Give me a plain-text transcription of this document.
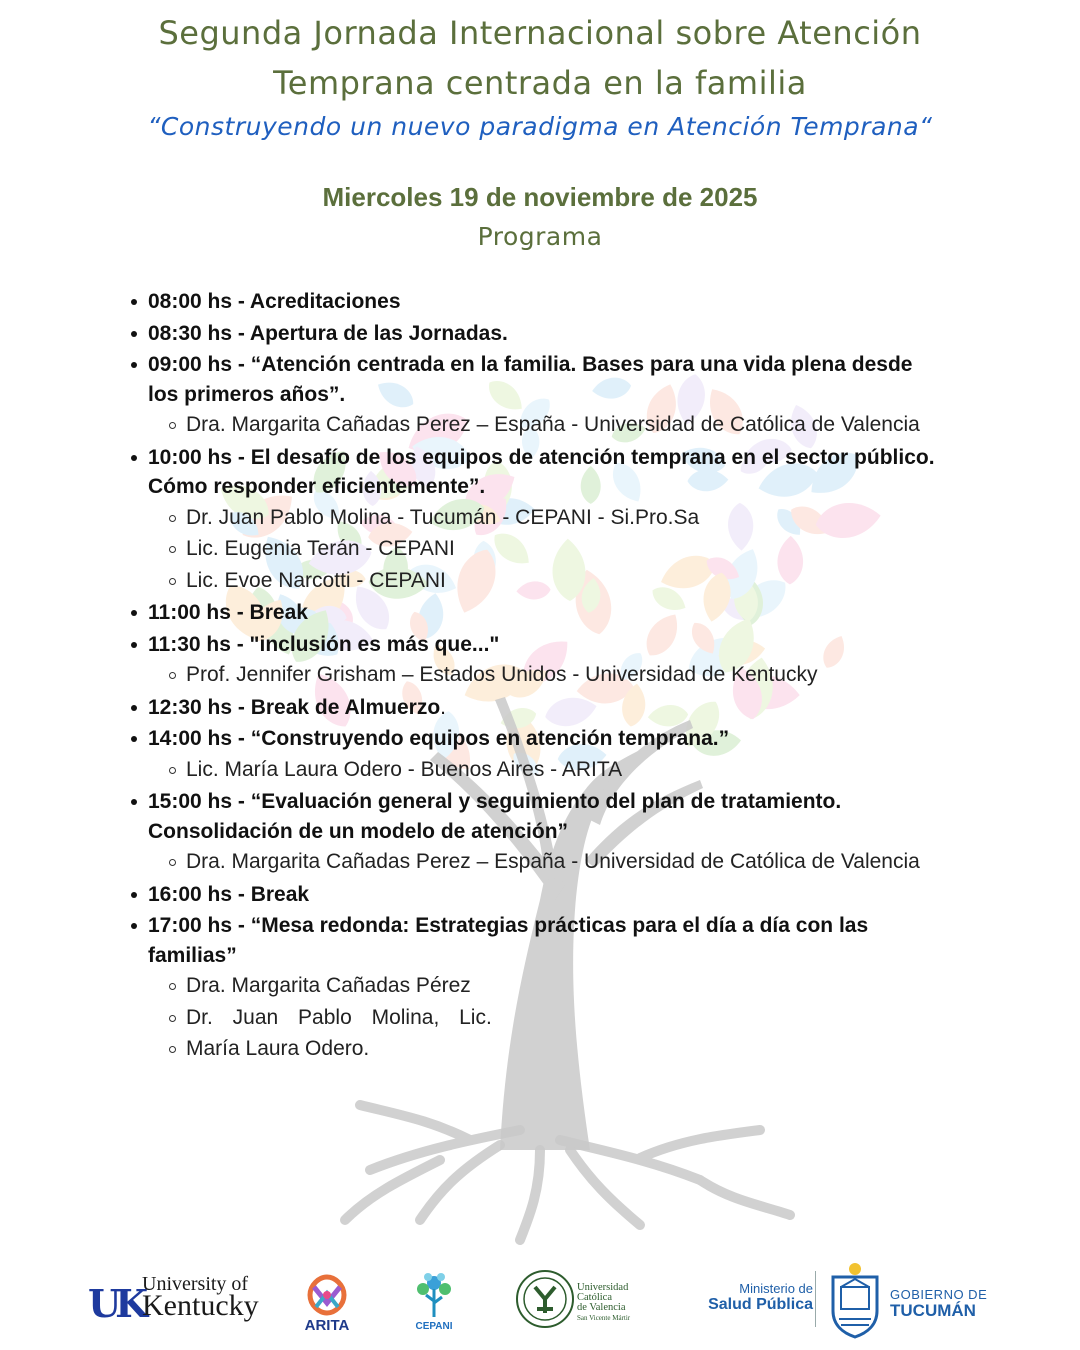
Segunda Jornada Internacional sobre Atención
Temprana centrada en la familia
“Construyendo un nuevo paradigma en Atención Temprana“
Miercoles 19 de noviembre de 2025
Programa
08:00 hs - Acreditaciones
08:30 hs - Apertura de las Jornadas.
09:00 hs - “Atención centrada en la familia. Bases para una vida plena desde los primeros años”.
Dra. Margarita Cañadas Perez – España - Universidad de Católica de Valencia
10:00 hs - El desafío de los equipos de atención temprana en el sector público. Cómo responder eficientemente”.
Dr. Juan Pablo Molina - Tucumán - CEPANI - Si.Pro.Sa
Lic. Eugenia Terán - CEPANI
Lic. Evoe Narcotti - CEPANI
11:00 hs - Break
11:30 hs - "inclusión es más que..."
Prof. Jennifer Grisham – Estados Unidos - Universidad de Kentucky
12:30 hs - Break de Almuerzo.
14:00 hs - “Construyendo equipos en atención temprana.”
Lic. María Laura Odero - Buenos Aires - ARITA
15:00 hs - “Evaluación general y seguimiento del plan de tratamiento. Consolidación de un modelo de atención”
Dra. Margarita Cañadas Perez – España - Universidad de Católica de Valencia
16:00 hs - Break
17:00 hs - “Mesa redonda: Estrategias prácticas para el día a día con las familias”
Dra. Margarita Cañadas Pérez
Dr. Juan Pablo Molina, Lic.
María Laura Odero.
UK University of
Kentucky
ARITA	CEPANI
Universidad
Católica
de Valencia
San Vicente Mártir
Ministerio de
Salud Pública
GOBIERNO DE
TUCUMÁN
